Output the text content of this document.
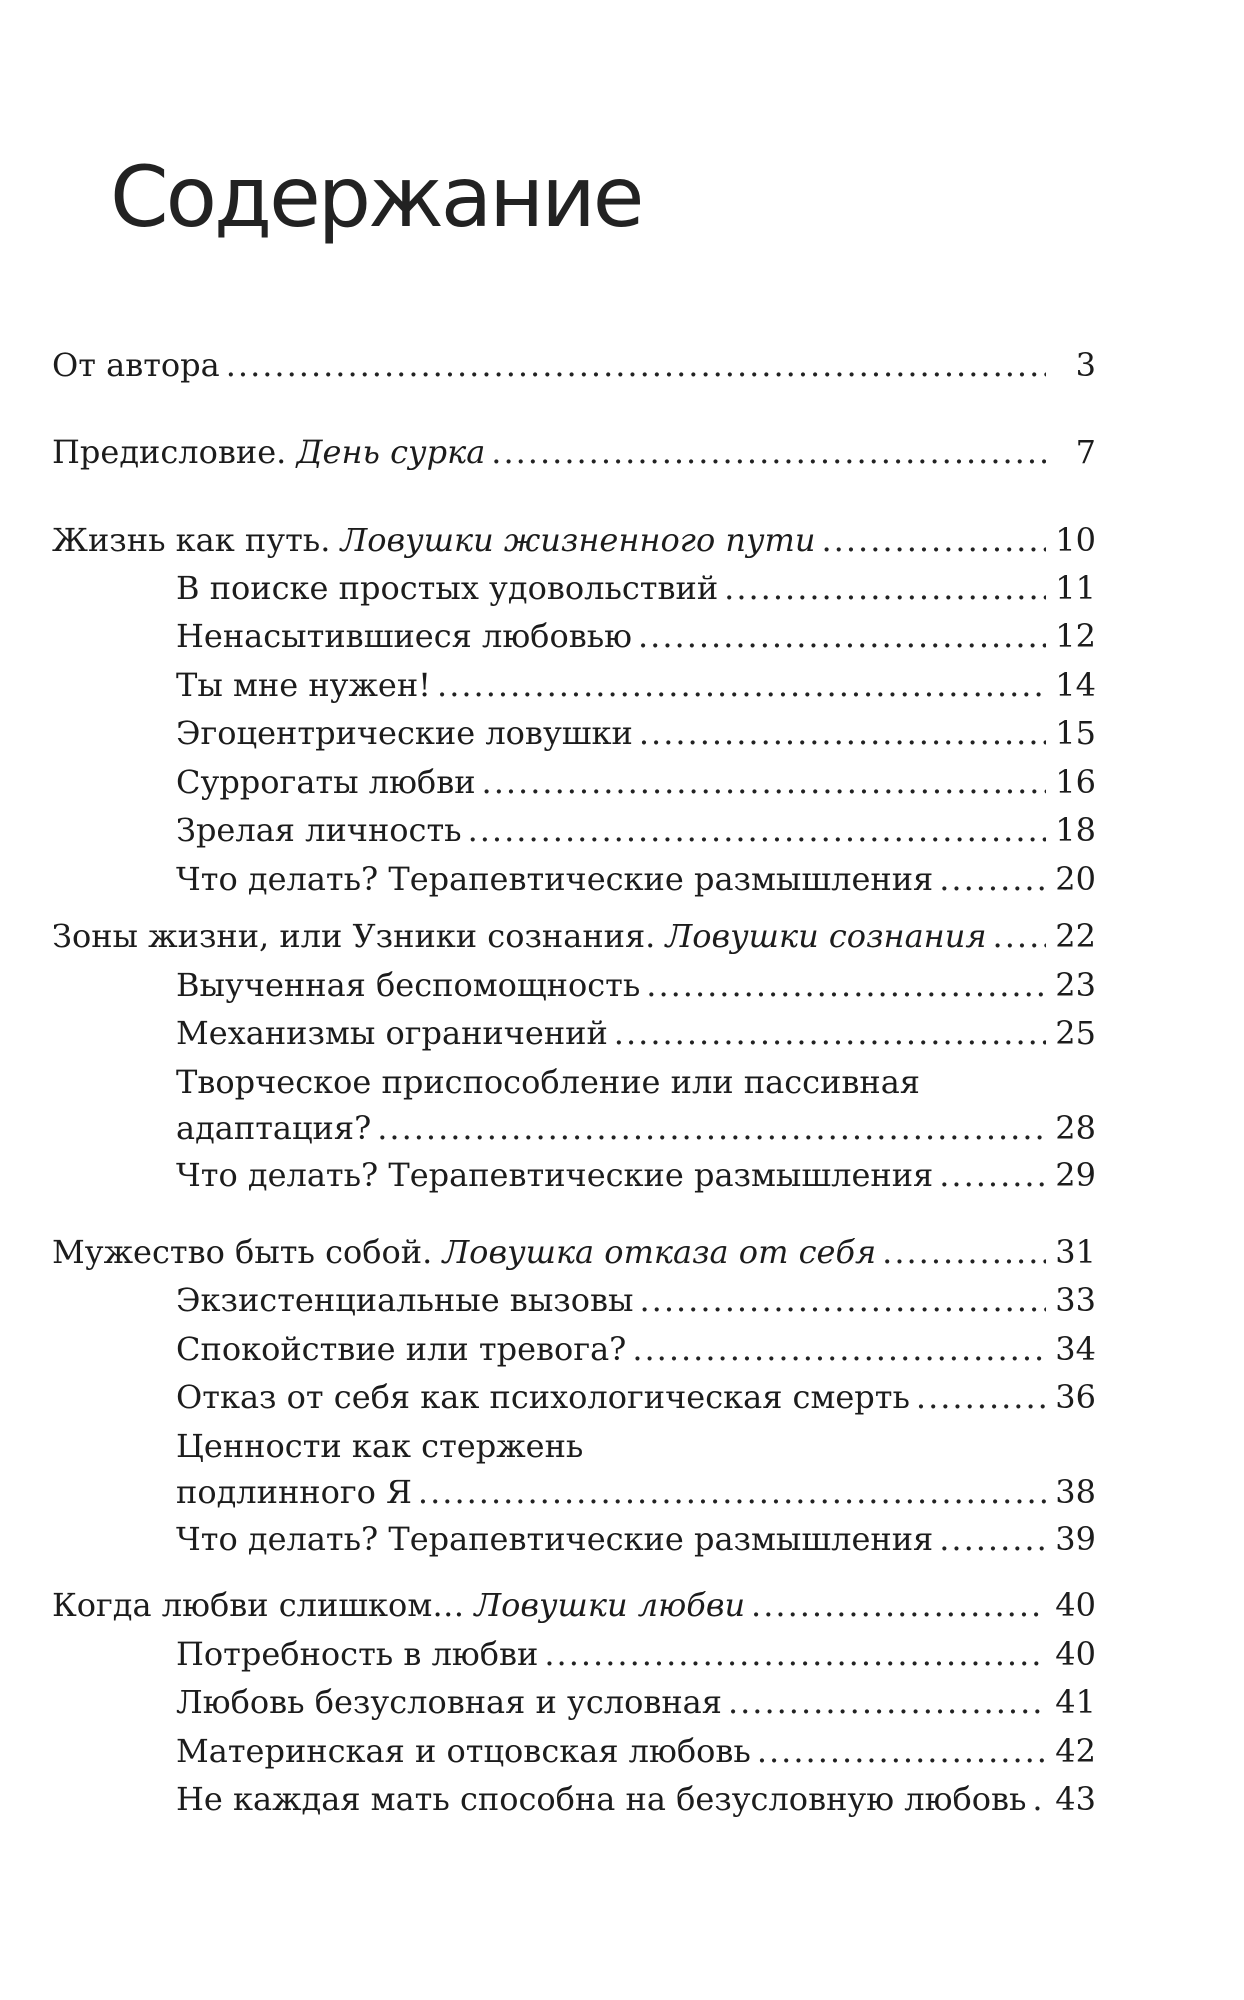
Содержание
От автора .....	3
Предисловие. День сурка .....	7
Жизнь как путь. Ловушки жизненного пути .....	10
В поиске простых удовольствий .....	11
Ненасытившиеся любовью .....	12
Ты мне нужен! .....	14
Эгоцентрические ловушки .....	15
Суррогаты любви .....	16
Зрелая личность .....	18
Что делать? Терапевтические размышления .....	20
Зоны жизни, или Узники сознания. Ловушки сознания ..... 22
Выученная беспомощность .....	23
Механизмы ограничений .....	25
Творческое приспособление или пассивная
адаптация? .....	28
Что делать? Терапевтические размышления .....	29
Мужество быть собой. Ловушка отказа от себя .....	31
Экзистенциальные вызовы .....	33
Спокойствие или тревога? .....	34
Отказ от себя как психологическая смерть .....	36
Ценности как стержень
подлинного Я .....	38
Что делать? Терапевтические размышления .....	39
Когда любви слишком… Ловушки любви .....	40
Потребность в любви .....	40
Любовь безусловная и условная .....	41
Материнская и отцовская любовь .....	42
Не каждая мать способна на безусловную любовь ..... 43
